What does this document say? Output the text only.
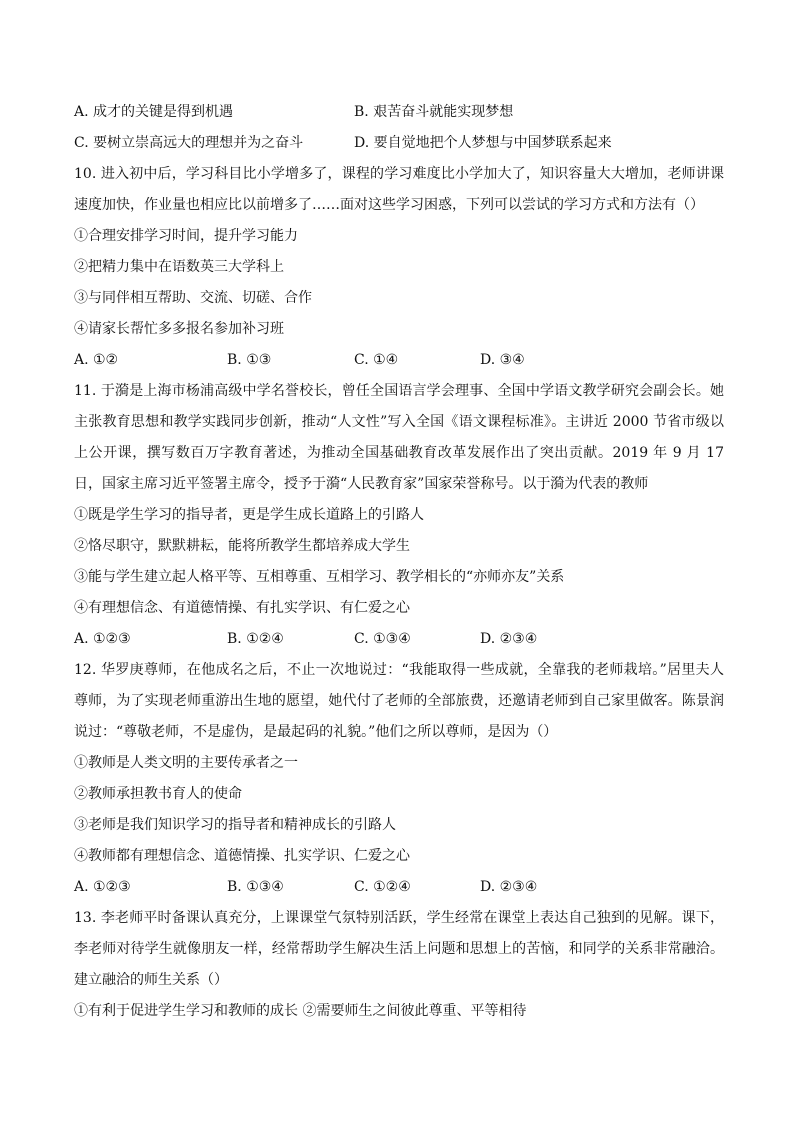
A. 成才的关键是得到机遇	B. 艰苦奋斗就能实现梦想
C. 要树立崇高远大的理想并为之奋斗	D. 要自觉地把个人梦想与中国梦联系起来
10. 进入初中后，学习科目比小学增多了，课程的学习难度比小学加大了，知识容量大大增加，老师讲课速度加快，作业量也相应比以前增多了……面对这些学习困惑，下列可以尝试的学习方式和方法有（）
①合理安排学习时间，提升学习能力
②把精力集中在语数英三大学科上
③与同伴相互帮助、交流、切磋、合作
④请家长帮忙多多报名参加补习班
A. ①②	B. ①③	C. ①④	D. ③④
11. 于漪是上海市杨浦高级中学名誉校长，曾任全国语言学会理事、全国中学语文教学研究会副会长。她主张教育思想和教学实践同步创新，推动“人文性”写入全国《语文课程标准》。主讲近 2000 节省市级以上公开课，撰写数百万字教育著述，为推动全国基础教育改革发展作出了突出贡献。2019 年 9 月 17 日，国家主席习近平签署主席令，授予于漪“人民教育家”国家荣誉称号。以于漪为代表的教师
①既是学生学习的指导者，更是学生成长道路上的引路人
②恪尽职守，默默耕耘，能将所教学生都培养成大学生
③能与学生建立起人格平等、互相尊重、互相学习、教学相长的“亦师亦友”关系
④有理想信念、有道德情操、有扎实学识、有仁爱之心
A. ①②③	B. ①②④	C. ①③④	D. ②③④
12. 华罗庚尊师，在他成名之后，不止一次地说过：“我能取得一些成就，全靠我的老师栽培。”居里夫人尊师，为了实现老师重游出生地的愿望，她代付了老师的全部旅费，还邀请老师到自己家里做客。陈景润说过：“尊敬老师，不是虚伪，是最起码的礼貌。”他们之所以尊师，是因为（）
①教师是人类文明的主要传承者之一
②教师承担教书育人的使命
③老师是我们知识学习的指导者和精神成长的引路人
④教师都有理想信念、道德情操、扎实学识、仁爱之心
A. ①②③	B. ①③④	C. ①②④	D. ②③④
13. 李老师平时备课认真充分，上课课堂气氛特别活跃，学生经常在课堂上表达自己独到的见解。课下，李老师对待学生就像朋友一样，经常帮助学生解决生活上问题和思想上的苦恼，和同学的关系非常融洽。建立融洽的师生关系（）
①有利于促进学生学习和教师的成长 ②需要师生之间彼此尊重、平等相待
